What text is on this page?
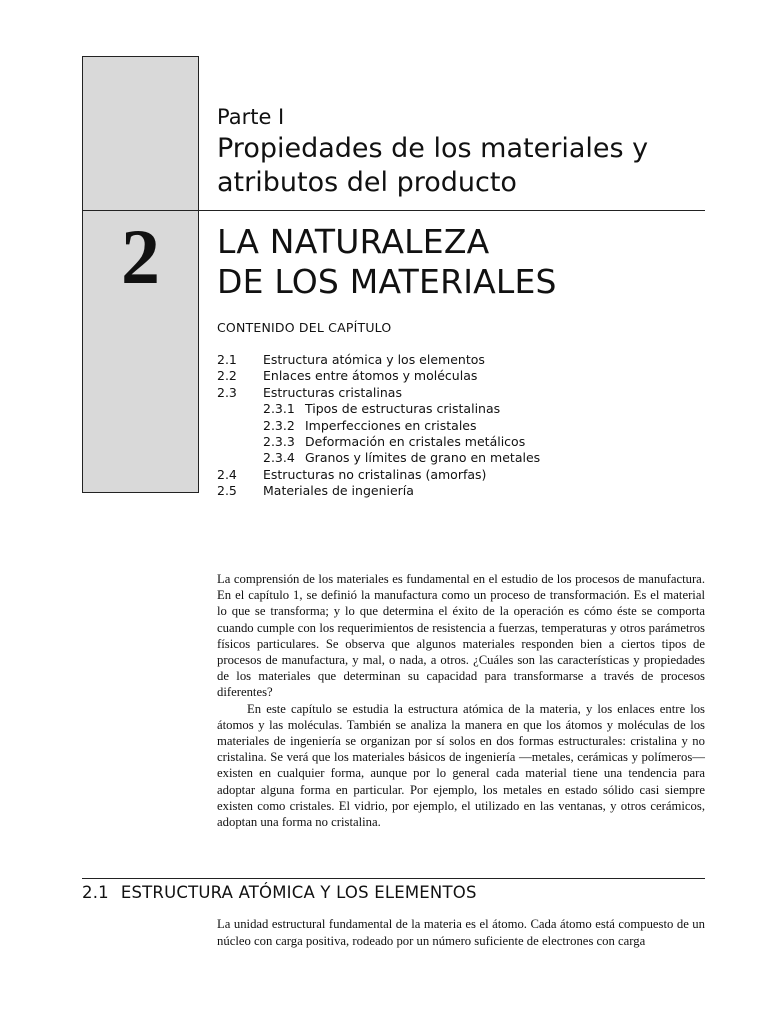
2
Parte I
Propiedades de los materiales y atributos del producto
LA NATURALEZA
DE LOS MATERIALES
CONTENIDO DEL CAPÍTULO
2.1	Estructura atómica y los elementos
2.2	Enlaces entre átomos y moléculas
2.3	Estructuras cristalinas
2.3.1 Tipos de estructuras cristalinas
2.3.2 Imperfecciones en cristales
2.3.3 Deformación en cristales metálicos
2.3.4 Granos y límites de grano en metales
2.4	Estructuras no cristalinas (amorfas)
2.5	Materiales de ingeniería

La comprensión de los materiales es fundamental en el estudio de los procesos de manufactura. En el capítulo 1, se definió la manufactura como un proceso de transformación. Es el material lo que se transforma; y lo que determina el éxito de la operación es cómo éste se comporta cuando cumple con los requerimientos de resistencia a fuerzas, temperaturas y otros parámetros físicos particulares. Se observa que algunos materiales responden bien a ciertos tipos de procesos de manufactura, y mal, o nada, a otros. ¿Cuáles son las características y propiedades de los materiales que determinan su capacidad para transformarse a través de procesos diferentes?

En este capítulo se estudia la estructura atómica de la materia, y los enlaces entre los átomos y las moléculas. También se analiza la manera en que los átomos y moléculas de los materiales de ingeniería se organizan por sí solos en dos formas estructurales: cristalina y no cristalina. Se verá que los materiales básicos de ingeniería —metales, cerámicas y polímeros— existen en cualquier forma, aunque por lo general cada material tiene una tendencia para adoptar alguna forma en particular. Por ejemplo, los metales en estado sólido casi siempre existen como cristales. El vidrio, por ejemplo, el utilizado en las ventanas, y otros cerámicos, adoptan una forma no cristalina.

2.1 ESTRUCTURA ATÓMICA Y LOS ELEMENTOS

La unidad estructural fundamental de la materia es el átomo. Cada átomo está compuesto de un núcleo con carga positiva, rodeado por un número suficiente de electrones con carga
